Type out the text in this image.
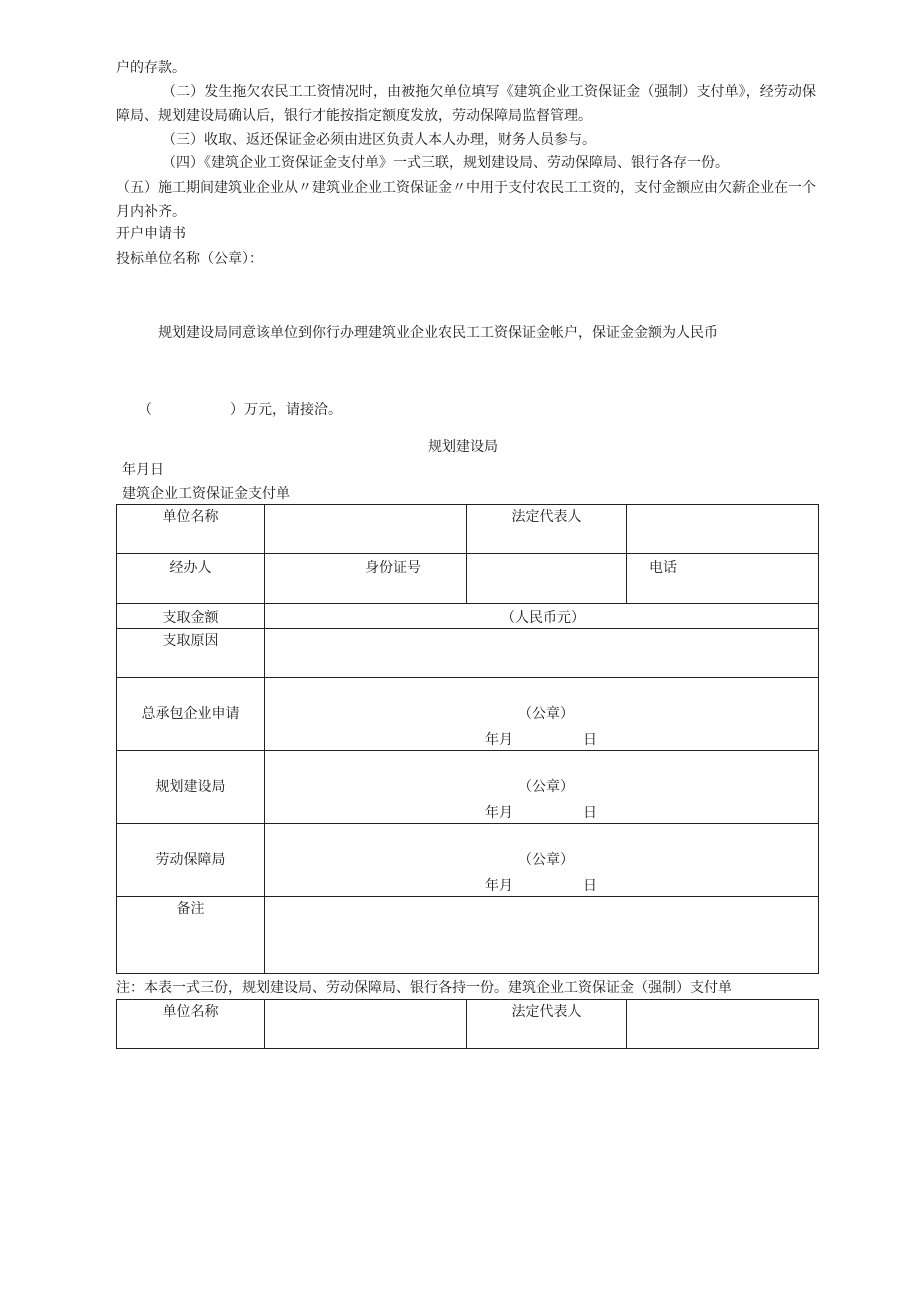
户的存款。
（二）发生拖欠农民工工资情况时，由被拖欠单位填写《建筑企业工资保证金（强制）支付单》，经劳动保障局、规划建设局确认后，银行才能按指定额度发放，劳动保障局监督管理。
（三）收取、返还保证金必须由进区负责人本人办理，财务人员参与。
（四）《建筑企业工资保证金支付单》一式三联，规划建设局、劳动保障局、银行各存一份。
（五）施工期间建筑业企业从〃建筑业企业工资保证金〃中用于支付农民工工资的，支付金额应由欠薪企业在一个月内补齐。
开户申请书
投标单位名称（公章）：
规划建设局同意该单位到你行办理建筑业企业农民工工资保证金帐户，保证金金额为人民币
（	）万元，请接洽。
规划建设局
年月日
建筑企业工资保证金支付单
单位名称		法定代表人	
经办人	身份证号		电话
支取金额	（人民币元）		
支取原因			
总承包企业申请	（公章）
年月 日		

规划建设局	（公章）
年月 日		

劳动保障局	（公章）
年月 日		

备注			
注：本表一式三份，规划建设局、劳动保障局、银行各持一份。建筑企业工资保证金（强制）支付单
单位名称		法定代表人	
